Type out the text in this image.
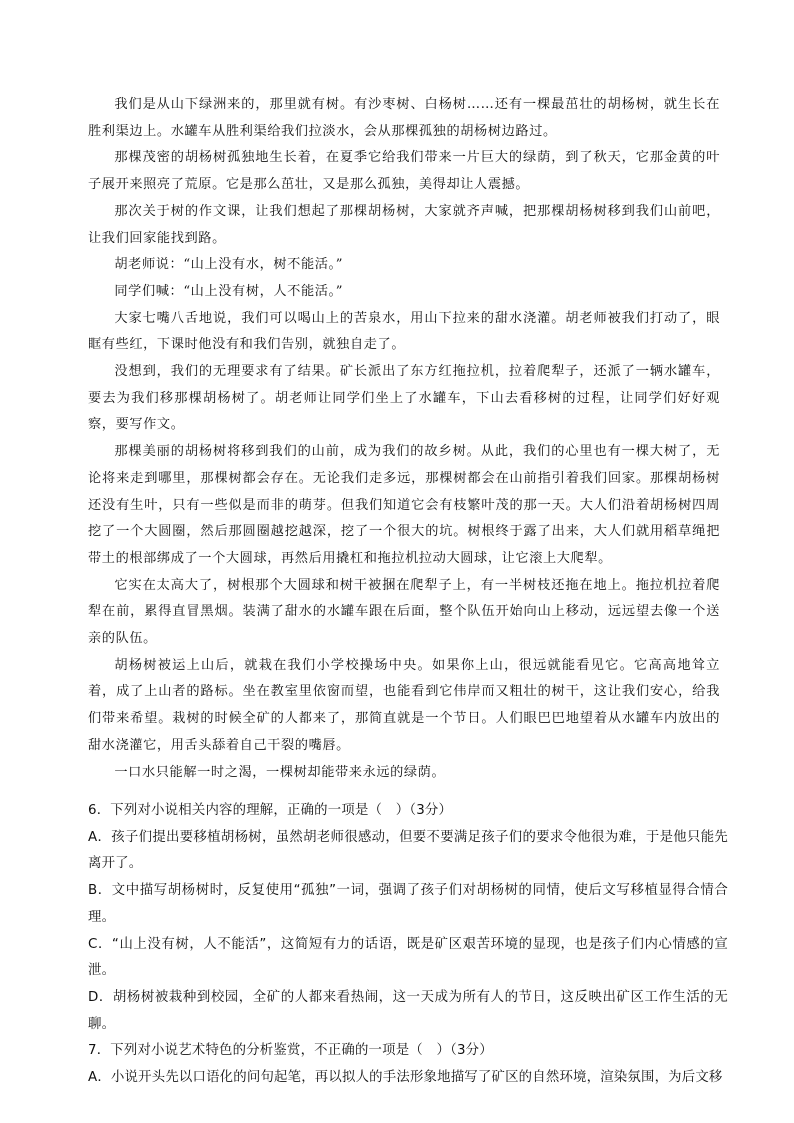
我们是从山下绿洲来的，那里就有树。有沙枣树、白杨树……还有一棵最茁壮的胡杨树，就生长在胜利渠边上。水罐车从胜利渠给我们拉淡水，会从那棵孤独的胡杨树边路过。

那棵茂密的胡杨树孤独地生长着，在夏季它给我们带来一片巨大的绿荫，到了秋天，它那金黄的叶子展开来照亮了荒原。它是那么茁壮，又是那么孤独，美得却让人震撼。

那次关于树的作文课，让我们想起了那棵胡杨树，大家就齐声喊，把那棵胡杨树移到我们山前吧，让我们回家能找到路。

胡老师说：“山上没有水，树不能活。”

同学们喊：“山上没有树，人不能活。”

大家七嘴八舌地说，我们可以喝山上的苦泉水，用山下拉来的甜水浇灌。胡老师被我们打动了，眼眶有些红，下课时他没有和我们告别，就独自走了。

没想到，我们的无理要求有了结果。矿长派出了东方红拖拉机，拉着爬犁子，还派了一辆水罐车，要去为我们移那棵胡杨树了。胡老师让同学们坐上了水罐车，下山去看移树的过程，让同学们好好观察，要写作文。

那棵美丽的胡杨树将移到我们的山前，成为我们的故乡树。从此，我们的心里也有一棵大树了，无论将来走到哪里，那棵树都会存在。无论我们走多远，那棵树都会在山前指引着我们回家。那棵胡杨树还没有生叶，只有一些似是而非的萌芽。但我们知道它会有枝繁叶茂的那一天。大人们沿着胡杨树四周挖了一个大圆圈，然后那圆圈越挖越深，挖了一个很大的坑。树根终于露了出来，大人们就用稻草绳把带土的根部绑成了一个大圆球，再然后用撬杠和拖拉机拉动大圆球，让它滚上大爬犁。

它实在太高大了，树根那个大圆球和树干被捆在爬犁子上，有一半树枝还拖在地上。拖拉机拉着爬犁在前，累得直冒黑烟。装满了甜水的水罐车跟在后面，整个队伍开始向山上移动，远远望去像一个送亲的队伍。

胡杨树被运上山后，就栽在我们小学校操场中央。如果你上山，很远就能看见它。它高高地耸立着，成了上山者的路标。坐在教室里依窗而望，也能看到它伟岸而又粗壮的树干，这让我们安心，给我们带来希望。栽树的时候全矿的人都来了，那简直就是一个节日。人们眼巴巴地望着从水罐车内放出的甜水浇灌它，用舌头舔着自己干裂的嘴唇。

一口水只能解一时之渴，一棵树却能带来永远的绿荫。

6．下列对小说相关内容的理解，正确的一项是（　）（3分）

A．孩子们提出要移植胡杨树，虽然胡老师很感动，但要不要满足孩子们的要求令他很为难，于是他只能先离开了。

B．文中描写胡杨树时，反复使用“孤独”一词，强调了孩子们对胡杨树的同情，使后文写移植显得合情合理。

C．“山上没有树，人不能活”，这简短有力的话语，既是矿区艰苦环境的显现，也是孩子们内心情感的宣泄。

D．胡杨树被栽种到校园，全矿的人都来看热闹，这一天成为所有人的节日，这反映出矿区工作生活的无聊。

7．下列对小说艺术特色的分析鉴赏，不正确的一项是（　）（3分）

A．小说开头先以口语化的问句起笔，再以拟人的手法形象地描写了矿区的自然环境，渲染氛围，为后文移
